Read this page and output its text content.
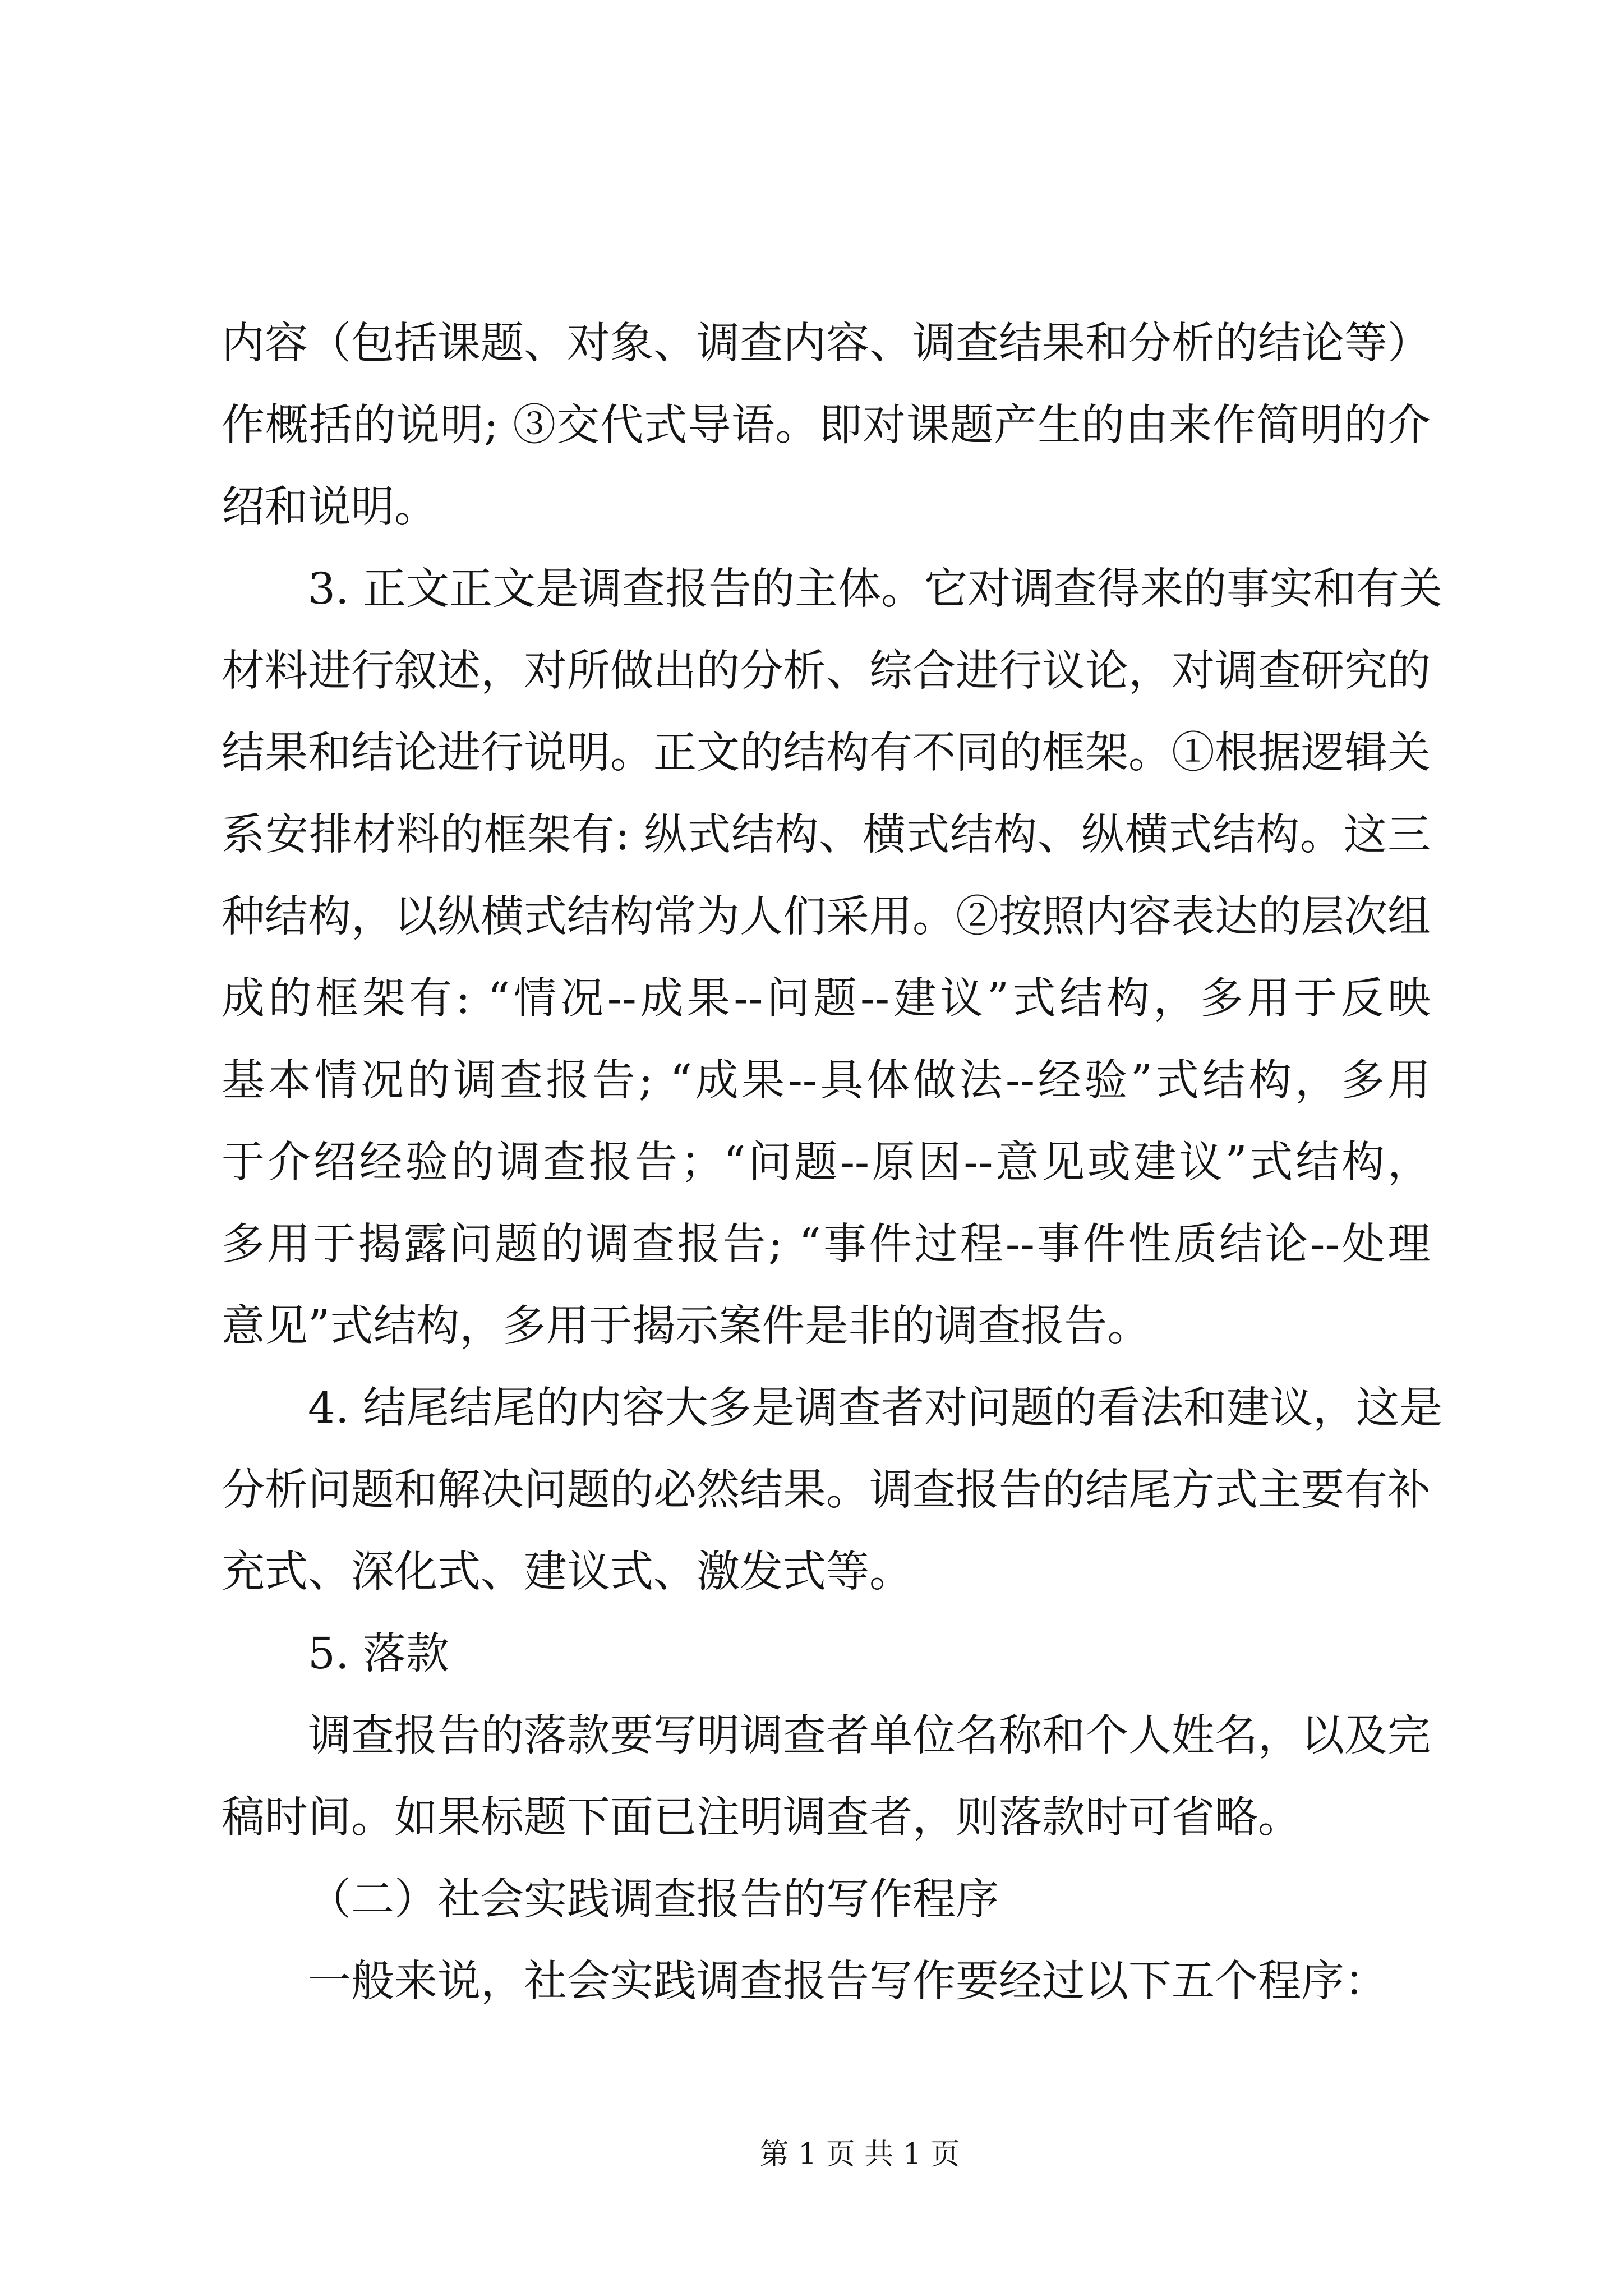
内容（包括课题、对象、调查内容、调查结果和分析的结论等）
作概括的说明; ③交代式导语。即对课题产生的由来作简明的介
绍和说明。
3. 正文正文是调查报告的主体。它对调查得来的事实和有关
材料进行叙述，对所做出的分析、综合进行议论，对调查研究的
结果和结论进行说明。正文的结构有不同的框架。①根据逻辑关
系安排材料的框架有: 纵式结构、横式结构、纵横式结构。这三
种结构，以纵横式结构常为人们采用。②按照内容表达的层次组
成的框架有: “情况--成果--问题--建议”式结构，多用于反映
基本情况的调查报告; “成果--具体做法--经验”式结构，多用
于介绍经验的调查报告；“问题--原因--意见或建议”式结构，
多用于揭露问题的调查报告; “事件过程--事件性质结论--处理
意见”式结构，多用于揭示案件是非的调查报告。
4. 结尾结尾的内容大多是调查者对问题的看法和建议，这是
分析问题和解决问题的必然结果。调查报告的结尾方式主要有补
充式、深化式、建议式、激发式等。
5. 落款
调查报告的落款要写明调查者单位名称和个人姓名，以及完
稿时间。如果标题下面已注明调查者，则落款时可省略。
（二）社会实践调查报告的写作程序
一般来说，社会实践调查报告写作要经过以下五个程序：
第 1 页 共 1 页
